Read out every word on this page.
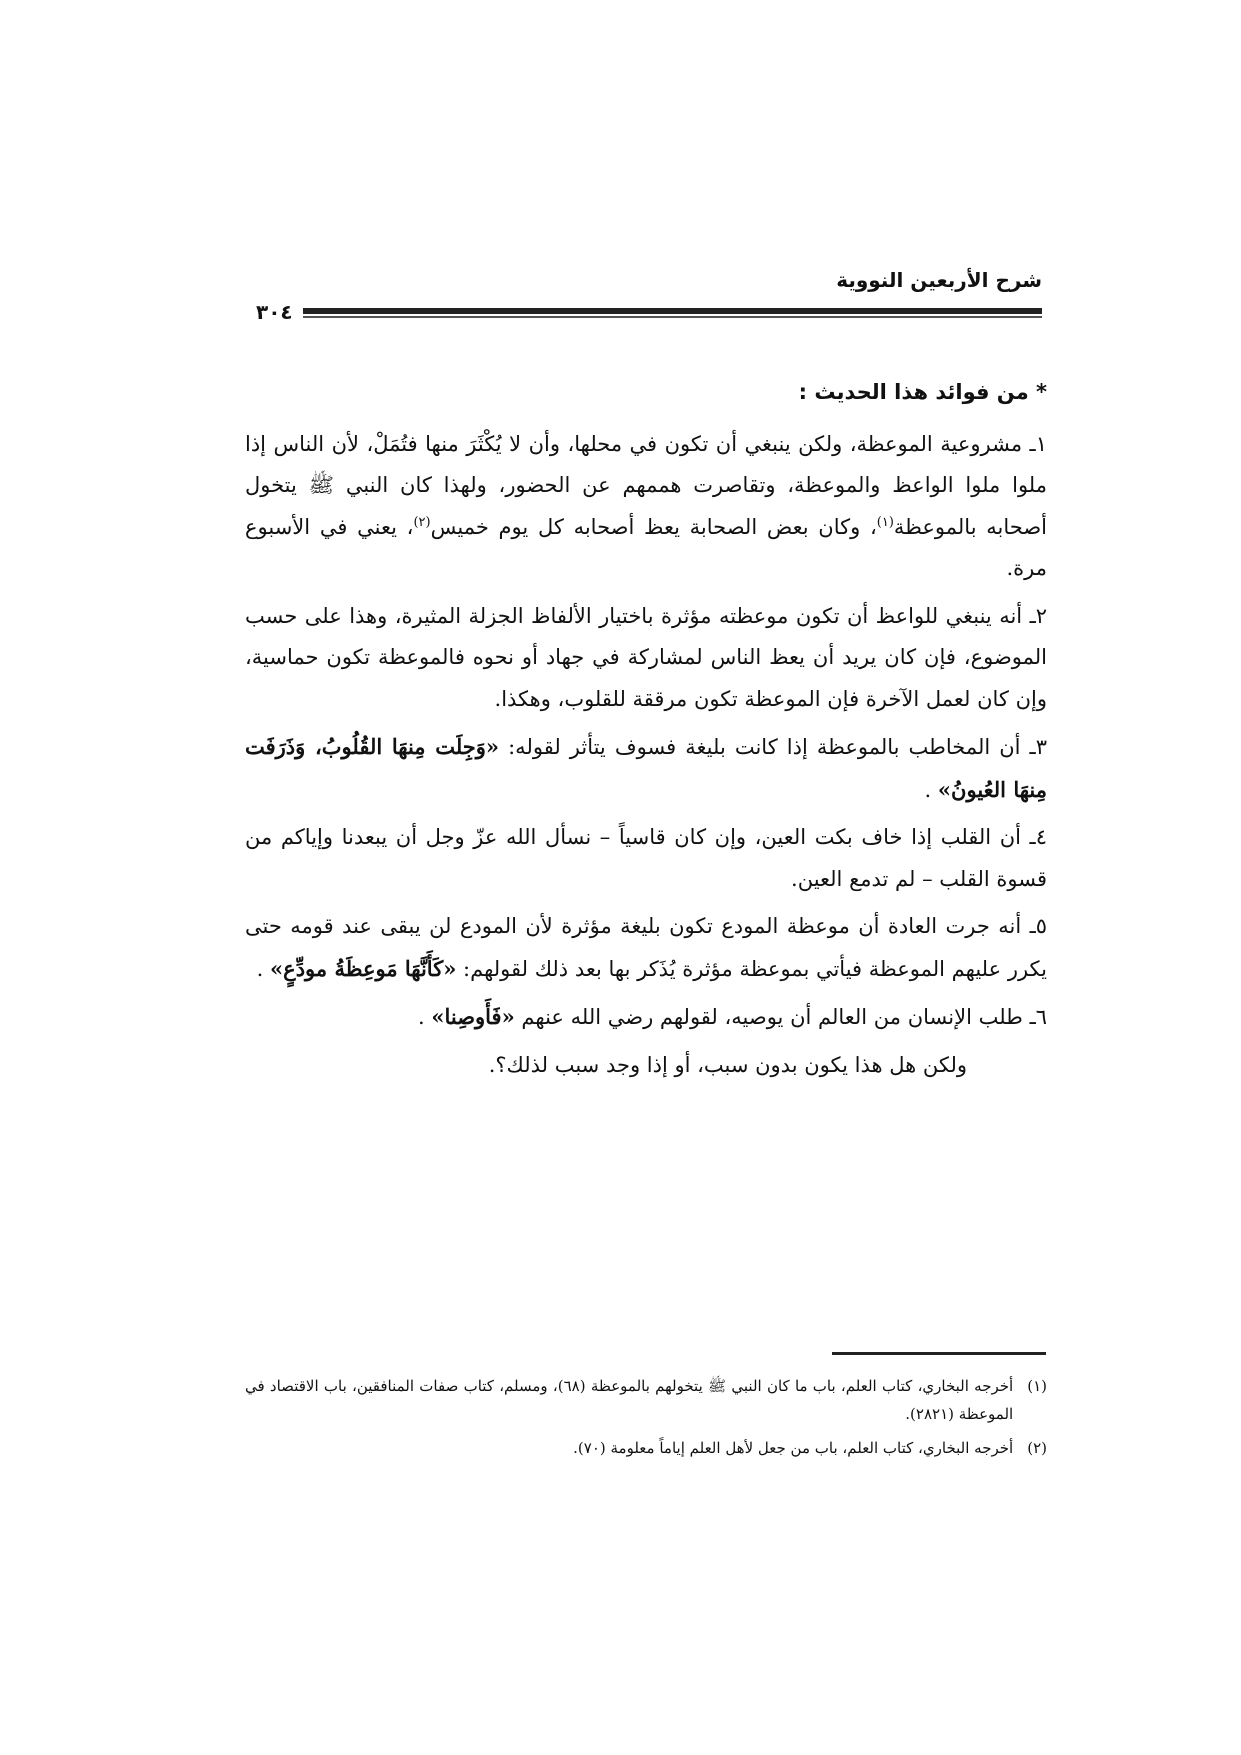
شرح الأربعين النووية
٣٠٤
* من فوائد هذا الحديث :

١ـ مشروعية الموعظة، ولكن ينبغي أن تكون في محلها، وأن لا يُكْثَرَ منها فتُمَلْ، لأن الناس إذا ملوا ملوا الواعظ والموعظة، وتقاصرت هممهم عن الحضور، ولهذا كان النبي ﷺ يتخول أصحابه بالموعظة$^{(١)}$، وكان بعض الصحابة يعظ أصحابه كل يوم خميس$^{(٢)}$، يعني في الأسبوع مرة.

٢ـ أنه ينبغي للواعظ أن تكون موعظته مؤثرة باختيار الألفاظ الجزلة المثيرة، وهذا على حسب الموضوع، فإن كان يريد أن يعظ الناس لمشاركة في جهاد أو نحوه فالموعظة تكون حماسية، وإن كان لعمل الآخرة فإن الموعظة تكون مرققة للقلوب، وهكذا.

٣ـ أن المخاطب بالموعظة إذا كانت بليغة فسوف يتأثر لقوله: «وَجِلَت مِنهَا القُلُوبُ، وَذَرَفَت مِنهَا العُيونُ» .

٤ـ أن القلب إذا خاف بكت العين، وإن كان قاسياً – نسأل الله عزّ وجل أن يبعدنا وإياكم من قسوة القلب – لم تدمع العين.

٥ـ أنه جرت العادة أن موعظة المودع تكون بليغة مؤثرة لأن المودع لن يبقى عند قومه حتى يكرر عليهم الموعظة فيأتي بموعظة مؤثرة يُذَكر بها بعد ذلك لقولهم: «كَأَنَّهَا مَوعِظَةُ مودِّعٍ» .

٦ـ طلب الإنسان من العالم أن يوصيه، لقولهم رضي الله عنهم «فَأَوصِنا» .

ولكن هل هذا يكون بدون سبب، أو إذا وجد سبب لذلك؟.

(١)
أخرجه البخاري، كتاب العلم، باب ما كان النبي ﷺ يتخولهم بالموعظة (٦٨)، ومسلم، كتاب صفات المنافقين، باب الاقتصاد في الموعظة (٢٨٢١).
(٢)
أخرجه البخاري، كتاب العلم، باب من جعل لأهل العلم إياماً معلومة (٧٠).
